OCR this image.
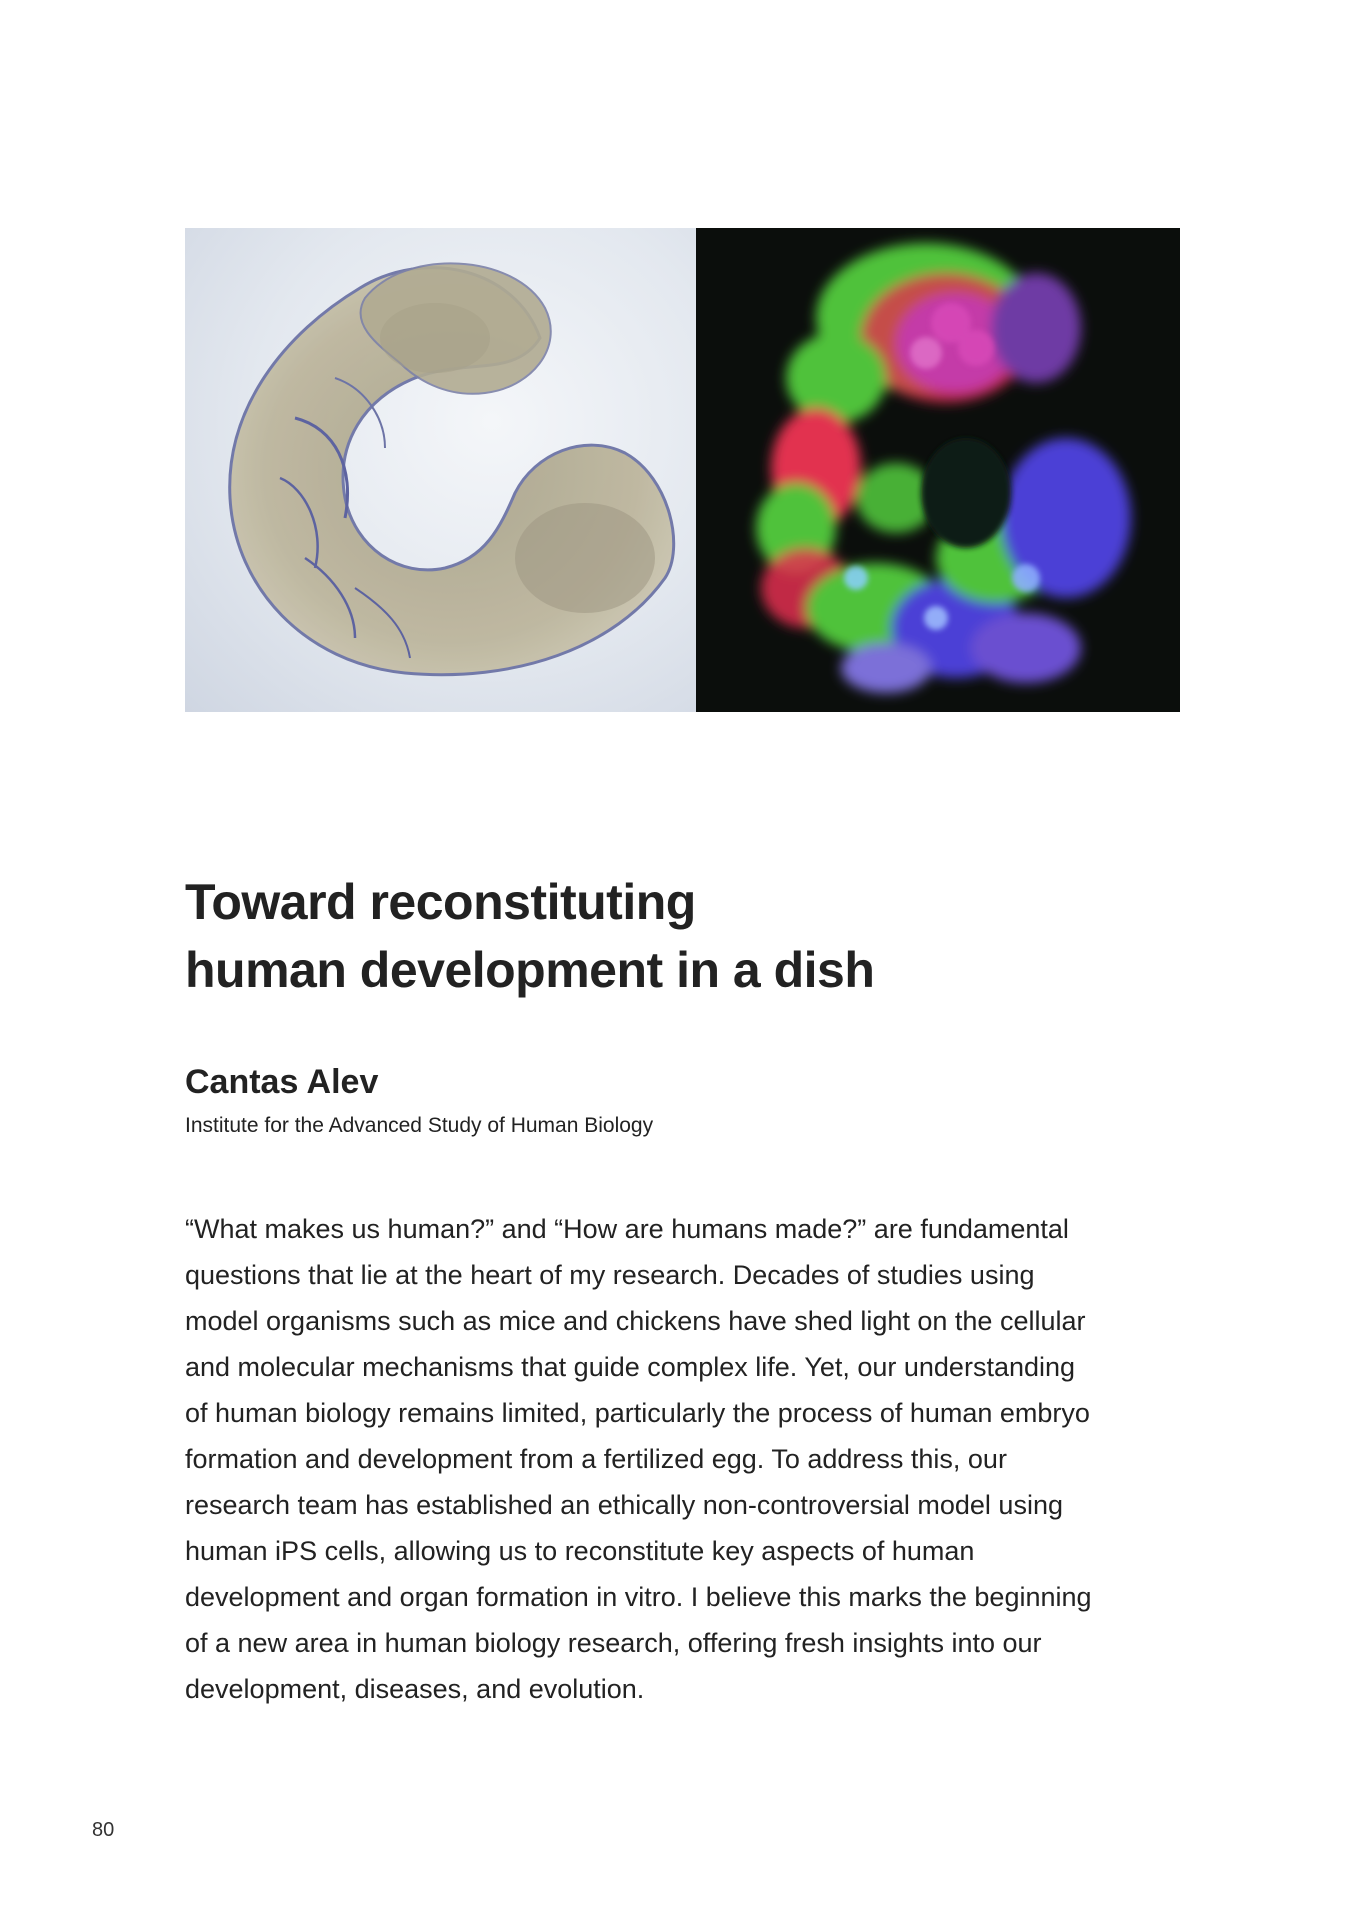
Toward reconstituting
human development in a dish

Cantas Alev

Institute for the Advanced Study of Human Biology

“What makes us human?” and “How are humans made?” are fundamental
questions that lie at the heart of my research. Decades of studies using
model organisms such as mice and chickens have shed light on the cellular
and molecular mechanisms that guide complex life. Yet, our understanding
of human biology remains limited, particularly the process of human embryo
formation and development from a fertilized egg. To address this, our
research team has established an ethically non-controversial model using
human iPS cells, allowing us to reconstitute key aspects of human
development and organ formation in vitro. I believe this marks the beginning
of a new area in human biology research, offering fresh insights into our
development, diseases, and evolution.

80
